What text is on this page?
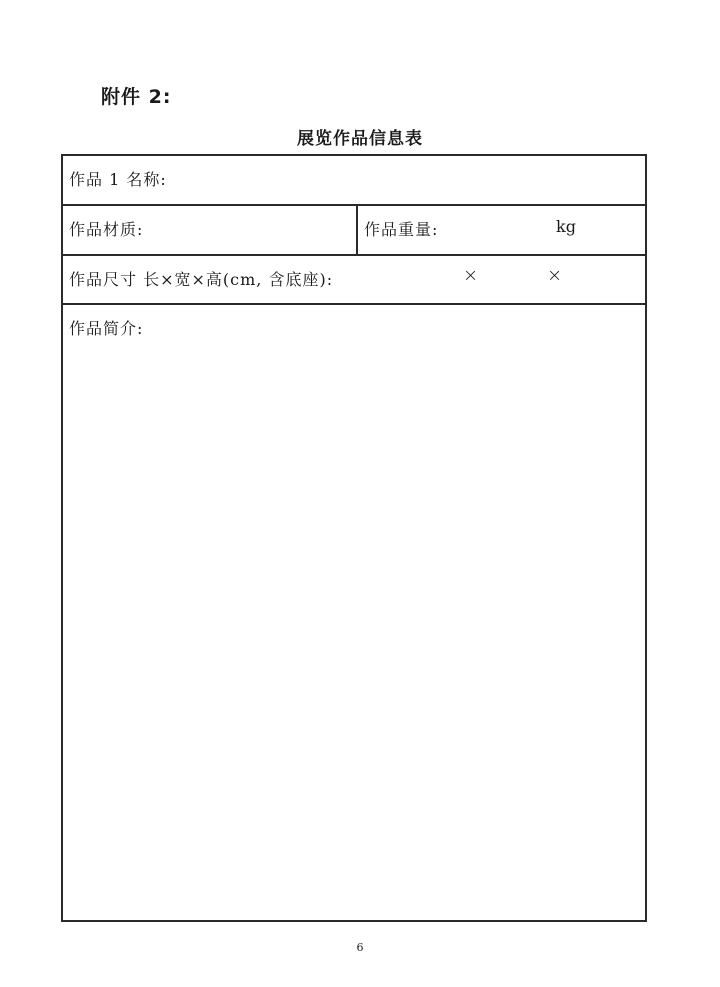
附件 2:
展览作品信息表
作品 1 名称:
作品材质:	作品重量:	kg
作品尺寸 长×宽×高(cm, 含底座):	×	×
作品简介:
6
